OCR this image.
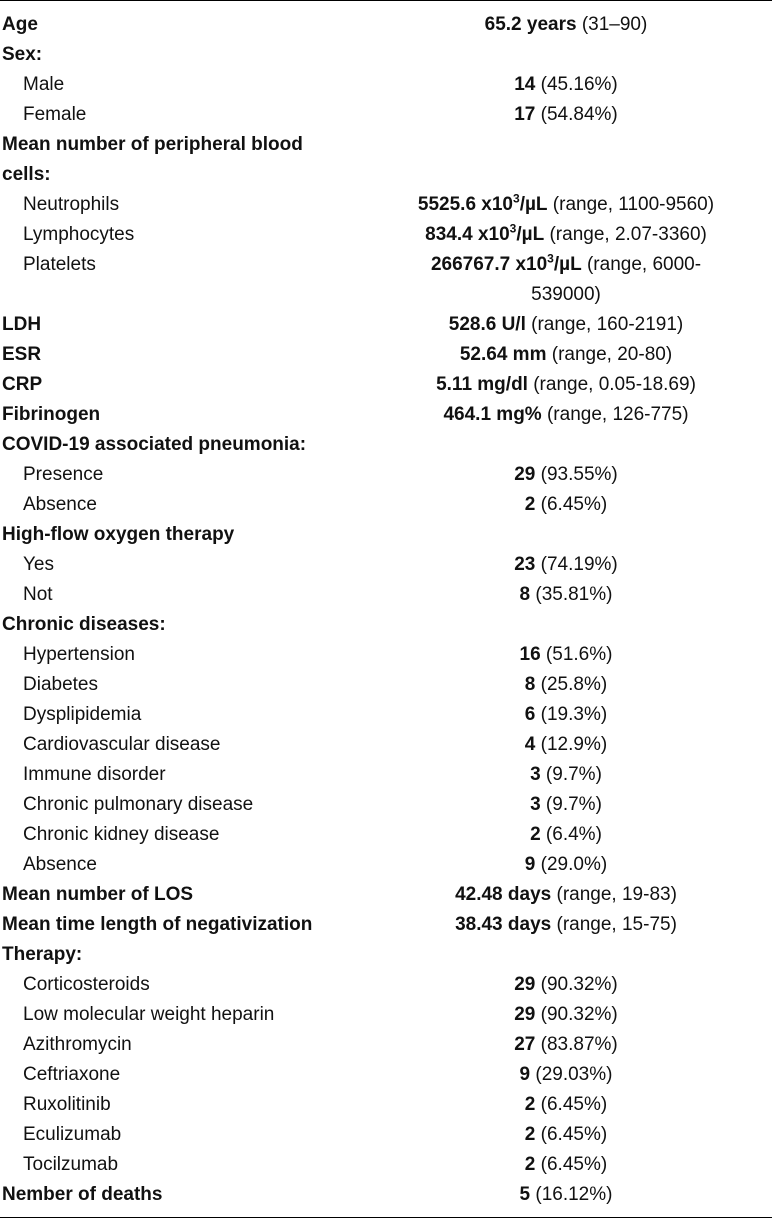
Age	65.2 years (31–90)
Sex:	
Male	14 (45.16%)
Female	17 (54.84%)
Mean number of peripheral blood	
cells:	
Neutrophils	5525.6 $x10^3/\mu L$ (range, 1100-9560)
Lymphocytes	834.4 $x10^3/\mu L$ (range, 2.07-3360)
Platelets	266767.7 $x10^3/\mu L$ (range, 6000-
	539000)
LDH	528.6 U/l (range, 160-2191)
ESR	52.64 mm (range, 20-80)
CRP	5.11 mg/dl (range, 0.05-18.69)
Fibrinogen	464.1 mg% (range, 126-775)
COVID-19 associated pneumonia:	
Presence	29 (93.55%)
Absence	2 (6.45%)
High-flow oxygen therapy	
Yes	23 (74.19%)
Not	8 (35.81%)
Chronic diseases:	
Hypertension	16 (51.6%)
Diabetes	8 (25.8%)
Dysplipidemia	6 (19.3%)
Cardiovascular disease	4 (12.9%)
Immune disorder	3 (9.7%)
Chronic pulmonary disease	3 (9.7%)
Chronic kidney disease	2 (6.4%)
Absence	9 (29.0%)
Mean number of LOS	42.48 days (range, 19-83)
Mean time length of negativization	38.43 days (range, 15-75)
Therapy:	
Corticosteroids	29 (90.32%)
Low molecular weight heparin	29 (90.32%)
Azithromycin	27 (83.87%)
Ceftriaxone	9 (29.03%)
Ruxolitinib	2 (6.45%)
Eculizumab	2 (6.45%)
Tocilzumab	2 (6.45%)
Nember of deaths	5 (16.12%)
